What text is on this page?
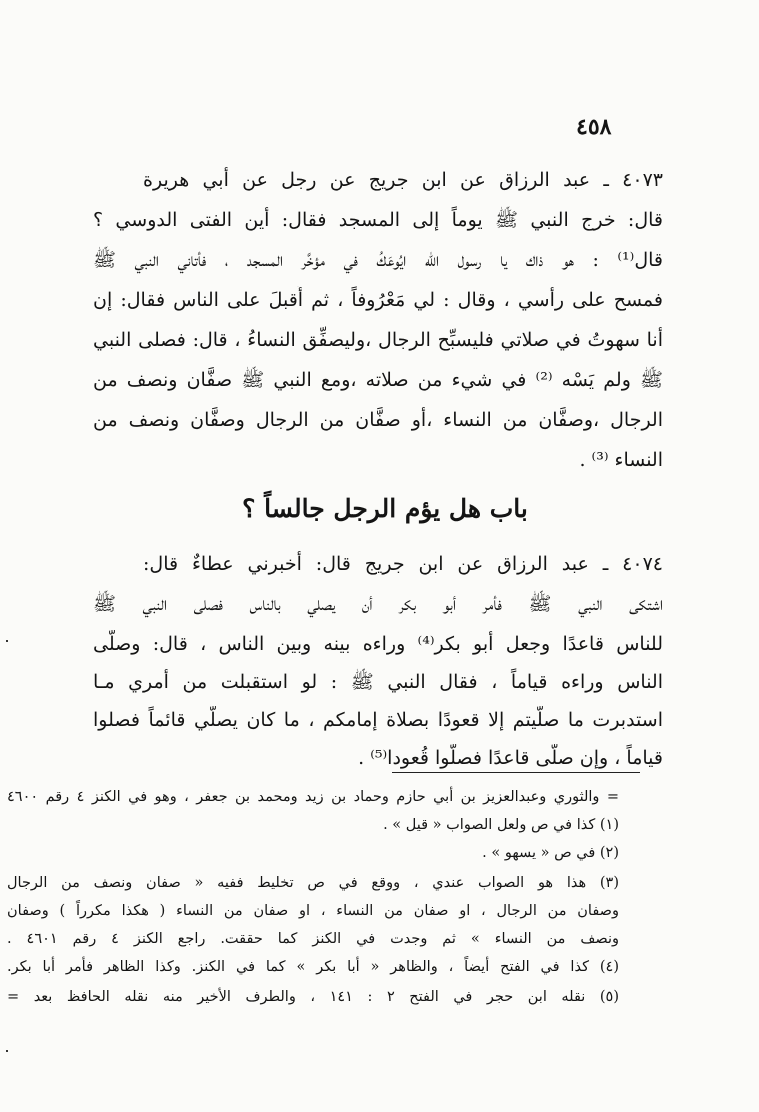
٤٥٨
٤٠٧٣ ـ عبد الرزاق عن ابن جريج عن رجل عن أبي هريرة
قال: خرج النبي ﷺ يوماً إلى المسجد فقال: أين الفتى الدوسي ؟
قال⁽¹⁾ : هو ذاك يا رسول الله ايُوعَكُ في مؤخَّر المسجد ، فأتاني النبي ﷺ
فمسح على رأسي ، وقال : لي مَعْرُوفاً ، ثم أَقبلَ على الناس فقال: إن
أنا سهوتُ في صلاتي فليسبِّح الرجال ،وليصفِّق النساءُ ، قال: فصلى النبي
ﷺ ولم يَسْه ⁽²⁾ في شيء من صلاته ،ومع النبي ﷺ صفَّان ونصف من
الرجال ،وصفَّان من النساء ،أو صفَّان من الرجال وصفَّان ونصف من
النساء ⁽³⁾ .
باب هل يؤم الرجل جالساً ؟
٤٠٧٤ ـ عبد الرزاق عن ابن جريج قال: أخبرني عطاءٌ قال:
اشتكى النبي ﷺ فأمر أبو بكر أن يصلي بالناس فصلى النبي ﷺ
للناس قاعدًا وجعل أبو بكر⁽⁴⁾ وراءه بينه وبين الناس ، قال: وصلّى
الناس وراءه قياماً ، فقال النبي ﷺ : لو استقبلت من أمري مـا
استدبرت ما صلَّيتم إلا قعودًا بصلاة إمامكم ، ما كان يصلّي قائماً فصلوا
قياماً ، وإن صلّى قاعدًا فصلُّوا قُعودا⁽⁵⁾ .
= والثوري وعبدالعزيز بن أبي حازم وحماد بن زيد ومحمد بن جعفر ، وهو في الكنز ٤ رقم ٤٦٠٠
(١) كذا في ص ولعل الصواب « قيل » .
(٢) في ص « يسهو » .
(٣) هذا هو الصواب عندي ، ووقع في ص تخليط ففيه « صفان ونصف من الرجال
وصفان من الرجال ، او صفان من النساء ، او صفان من النساء ( هكذا مكرراً ) وصفان
ونصف من النساء » ثم وجدت في الكنز كما حققت. راجع الكنز ٤ رقم ٤٦٠١ .
(٤) كذا في الفتح أيضاً ، والظاهر « أبا بكر » كما في الكنز. وكذا الظاهر فأمر أبا بكر.
(٥) نقله ابن حجر في الفتح ٢ : ١٤١ ، والطرف الأخير منه نقله الحافظ بعد =
